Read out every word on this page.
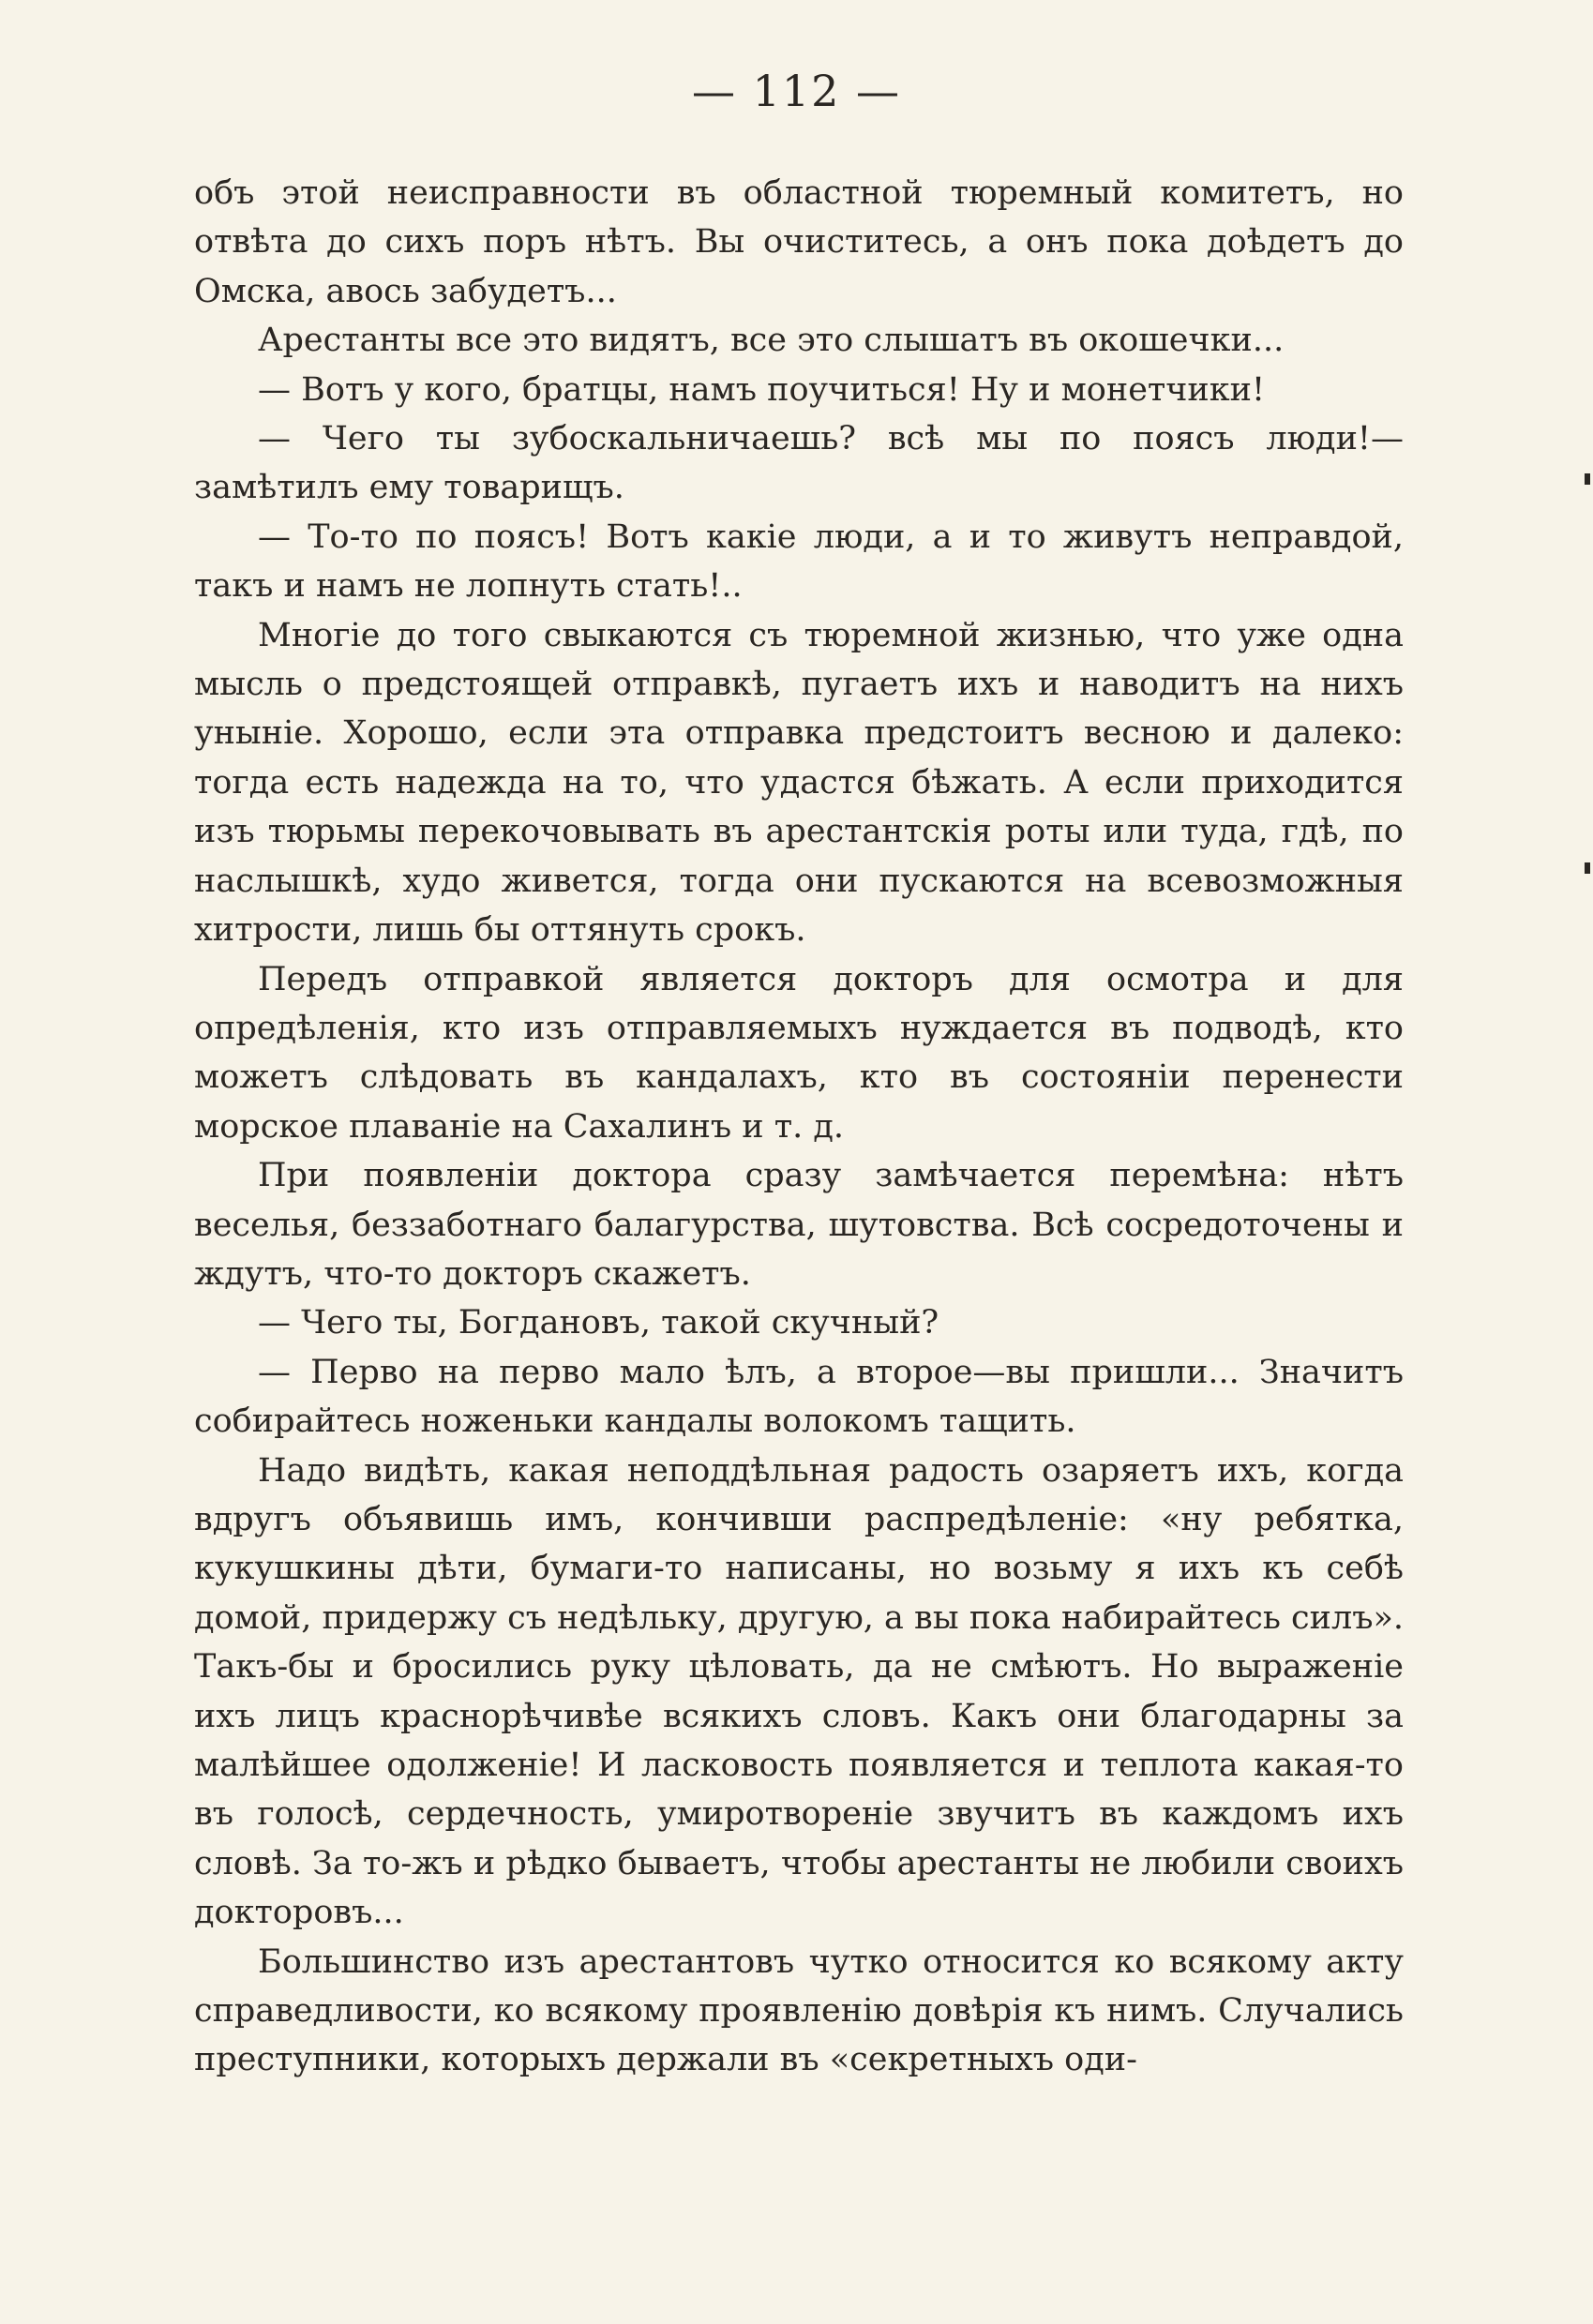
— 112 —

объ этой неисправности въ областной тюремный комитетъ, но отвѣта до сихъ поръ нѣтъ. Вы очиститесь, а онъ пока доѣдетъ до Омска, авось забудетъ...

Арестанты все это видятъ, все это слышатъ въ окошечки...

— Вотъ у кого, братцы, намъ поучиться! Ну и монетчики!

— Чего ты зубоскальничаешь? всѣ мы по поясъ люди!— замѣтилъ ему товарищъ.

— То-то по поясъ! Вотъ какіе люди, а и то живутъ неправдой, такъ и намъ не лопнуть стать!..

Многіе до того свыкаются съ тюремной жизнью, что уже одна мысль о предстоящей отправкѣ, пугаетъ ихъ и наводитъ на нихъ уныніе. Хорошо, если эта отправка предстоитъ весною и далеко: тогда есть надежда на то, что удастся бѣжать. А если приходится изъ тюрьмы перекочовывать въ арестантскія роты или туда, гдѣ, по наслышкѣ, худо живется, тогда они пускаются на всевозможныя хитрости, лишь бы оттянуть срокъ.

Передъ отправкой является докторъ для осмотра и для опредѣленія, кто изъ отправляемыхъ нуждается въ подводѣ, кто можетъ слѣдовать въ кандалахъ, кто въ состояніи перенести морское плаваніе на Сахалинъ и т. д.

При появленіи доктора сразу замѣчается перемѣна: нѣтъ веселья, беззаботнаго балагурства, шутовства. Всѣ сосредоточены и ждутъ, что-то докторъ скажетъ.

— Чего ты, Богдановъ, такой скучный?

— Перво на перво мало ѣлъ, а второе—вы пришли... Значитъ собирайтесь ноженьки кандалы волокомъ тащить.

Надо видѣть, какая неподдѣльная радость озаряетъ ихъ, когда вдругъ объявишь имъ, кончивши распредѣленіе: «ну ребятка, кукушкины дѣти, бумаги-то написаны, но возьму я ихъ къ себѣ домой, придержу съ недѣльку, другую, а вы пока набирайтесь силъ». Такъ-бы и бросились руку цѣловать, да не смѣютъ. Но выраженіе ихъ лицъ краснорѣчивѣе всякихъ словъ. Какъ они благодарны за малѣйшее одолженіе! И ласковость появляется и теплота какая-то въ голосѣ, сердечность, умиротвореніе звучитъ въ каждомъ ихъ словѣ. За то-жъ и рѣдко бываетъ, чтобы арестанты не любили своихъ докторовъ...

Большинство изъ арестантовъ чутко относится ко всякому акту справедливости, ко всякому проявленію довѣрія къ нимъ. Случались преступники, которыхъ держали въ «секретныхъ оди-
